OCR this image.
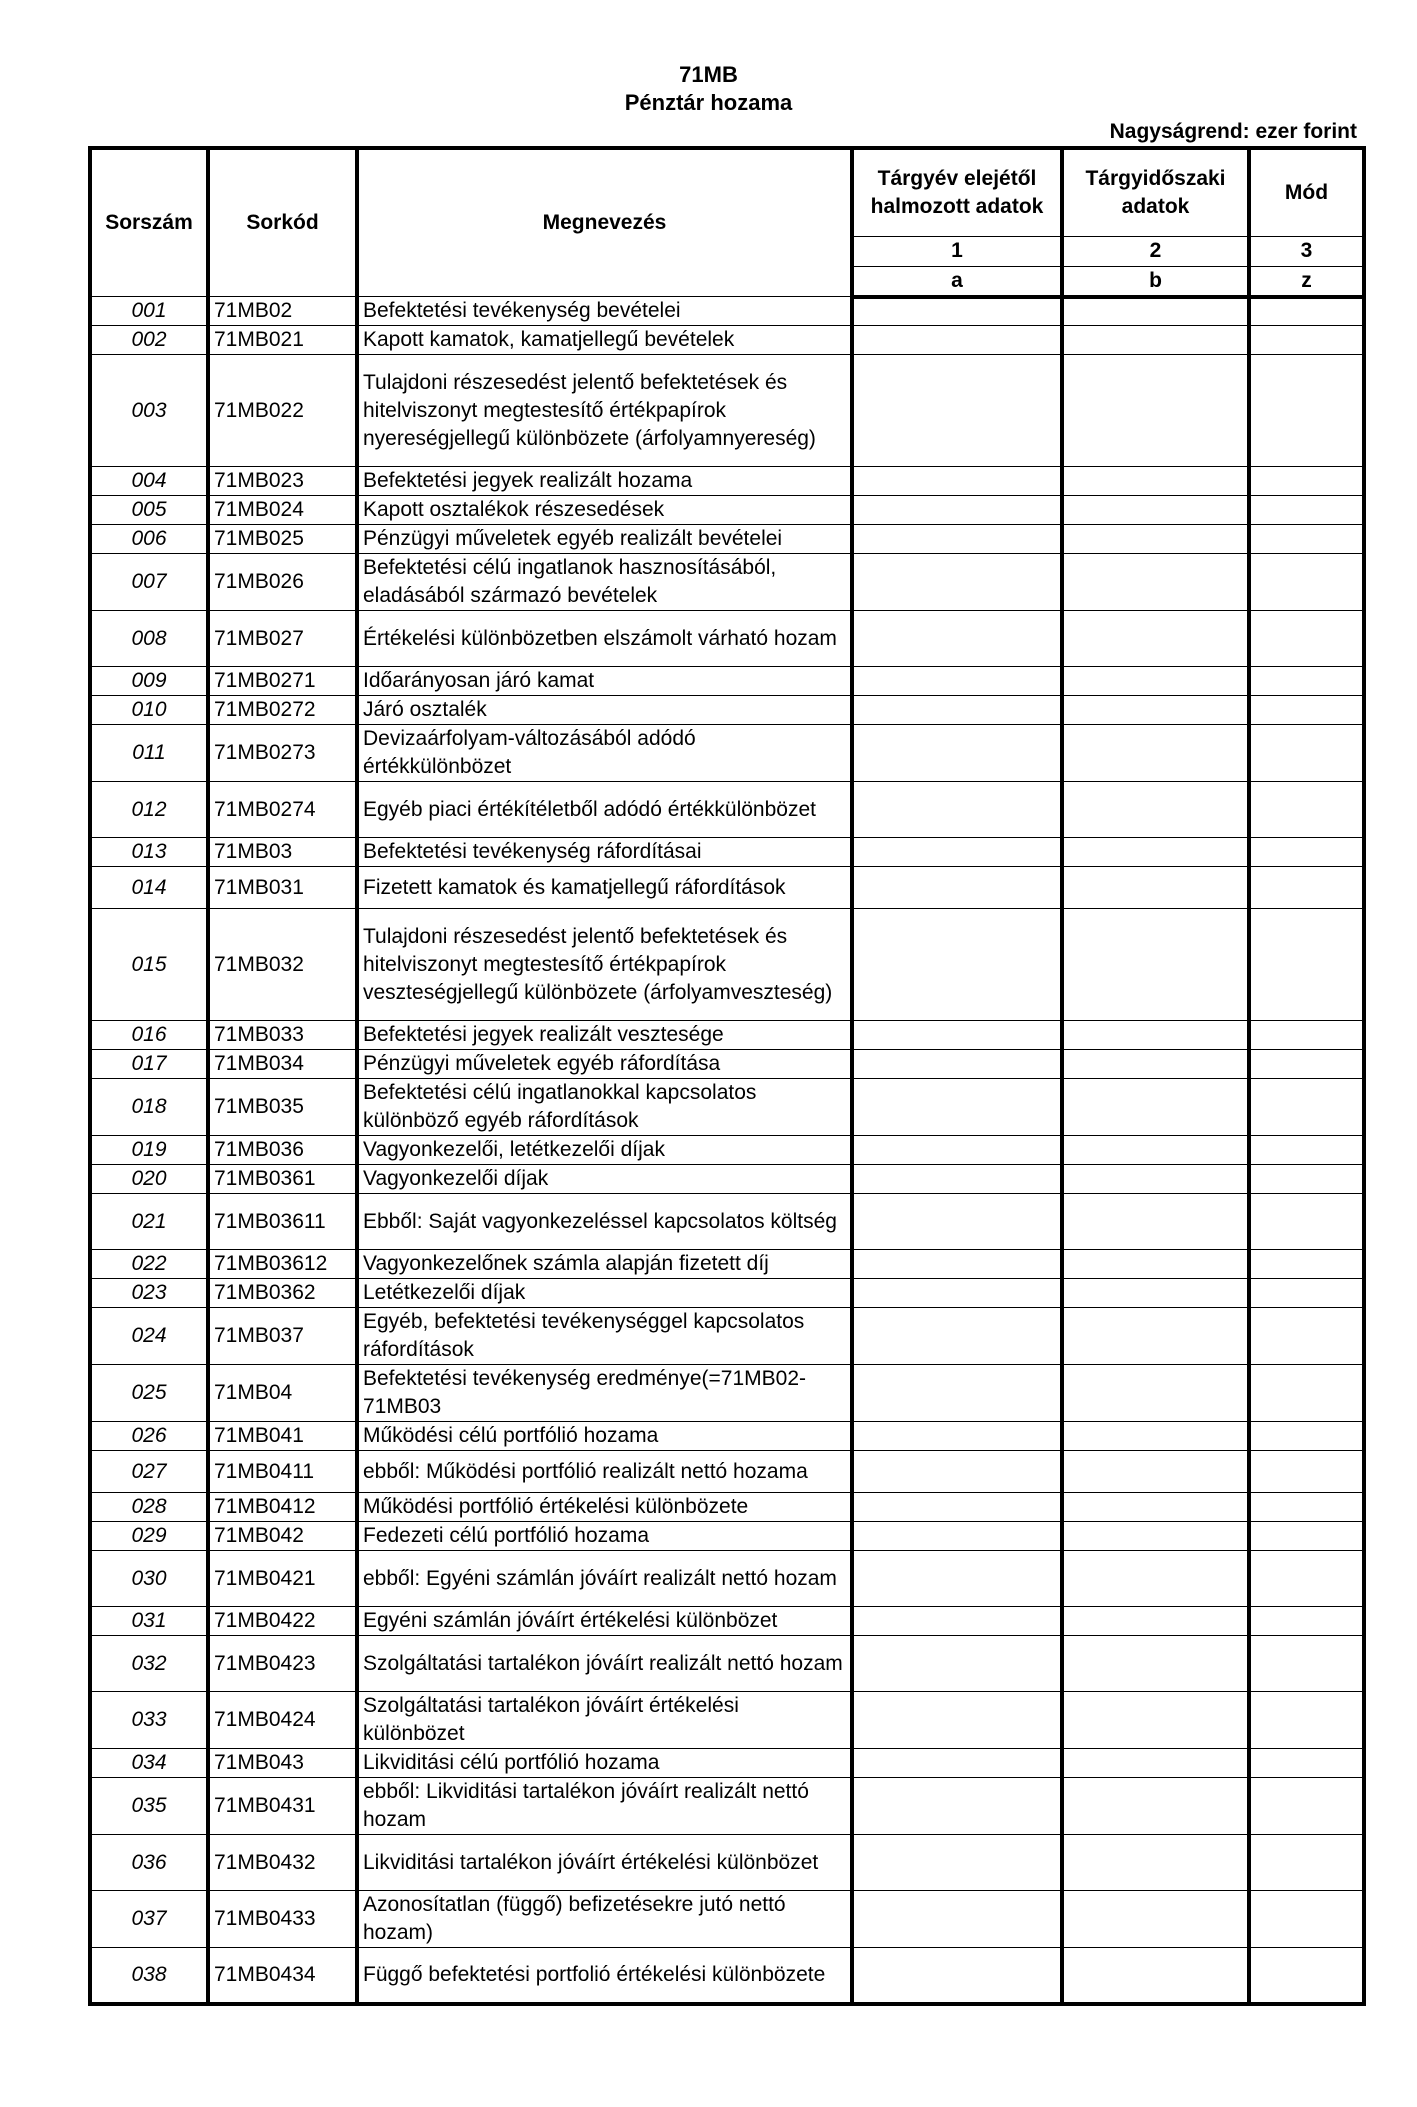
71MB
Pénztár hozama
Nagyságrend: ezer forint
Sorszám	Sorkód	Megnevezés	Tárgyév elejétől halmozott adatok	Tárgyidőszaki adatok	Mód
			1	2	3
			a	b	z
001	71MB02	Befektetési tevékenység bevételei			
002	71MB021	Kapott kamatok, kamatjellegű bevételek			
003	71MB022	Tulajdoni részesedést jelentő befektetések és hitelviszonyt megtestesítő értékpapírok nyereségjellegű különbözete (árfolyamnyereség)			
004	71MB023	Befektetési jegyek realizált hozama			
005	71MB024	Kapott osztalékok részesedések			
006	71MB025	Pénzügyi műveletek egyéb realizált bevételei			
007	71MB026	Befektetési célú ingatlanok hasznosításából, eladásából származó bevételek			
008	71MB027	Értékelési különbözetben elszámolt várható hozam			
009	71MB0271	Időarányosan járó kamat			
010	71MB0272	Járó osztalék			
011	71MB0273	Devizaárfolyam-változásából adódó értékkülönbözet			
012	71MB0274	Egyéb piaci értékítéletből adódó értékkülönbözet			
013	71MB03	Befektetési tevékenység ráfordításai			
014	71MB031	Fizetett kamatok és kamatjellegű ráfordítások			
015	71MB032	Tulajdoni részesedést jelentő befektetések és hitelviszonyt megtestesítő értékpapírok veszteségjellegű különbözete (árfolyamveszteség)			
016	71MB033	Befektetési jegyek realizált vesztesége			
017	71MB034	Pénzügyi műveletek egyéb ráfordítása			
018	71MB035	Befektetési célú ingatlanokkal kapcsolatos különböző egyéb ráfordítások			
019	71MB036	Vagyonkezelői, letétkezelői díjak			
020	71MB0361	Vagyonkezelői díjak			
021	71MB03611	Ebből: Saját vagyonkezeléssel kapcsolatos költség			
022	71MB03612	Vagyonkezelőnek számla alapján fizetett díj			
023	71MB0362	Letétkezelői díjak			
024	71MB037	Egyéb, befektetési tevékenységgel kapcsolatos ráfordítások			
025	71MB04	Befektetési tevékenység eredménye(=71MB02-71MB03			
026	71MB041	Működési célú portfólió hozama			
027	71MB0411	ebből: Működési portfólió realizált nettó hozama			
028	71MB0412	Működési portfólió értékelési különbözete			
029	71MB042	Fedezeti célú portfólió hozama			
030	71MB0421	ebből: Egyéni számlán jóváírt realizált nettó hozam			
031	71MB0422	Egyéni számlán jóváírt értékelési különbözet			
032	71MB0423	Szolgáltatási tartalékon jóváírt realizált nettó hozam			
033	71MB0424	Szolgáltatási tartalékon jóváírt értékelési különbözet			
034	71MB043	Likviditási célú portfólió hozama			
035	71MB0431	ebből: Likviditási tartalékon jóváírt realizált nettó hozam			
036	71MB0432	Likviditási tartalékon jóváírt értékelési különbözet			
037	71MB0433	Azonosítatlan (függő) befizetésekre jutó nettó hozam)			
038	71MB0434	Függő befektetési portfolió értékelési különbözete			
